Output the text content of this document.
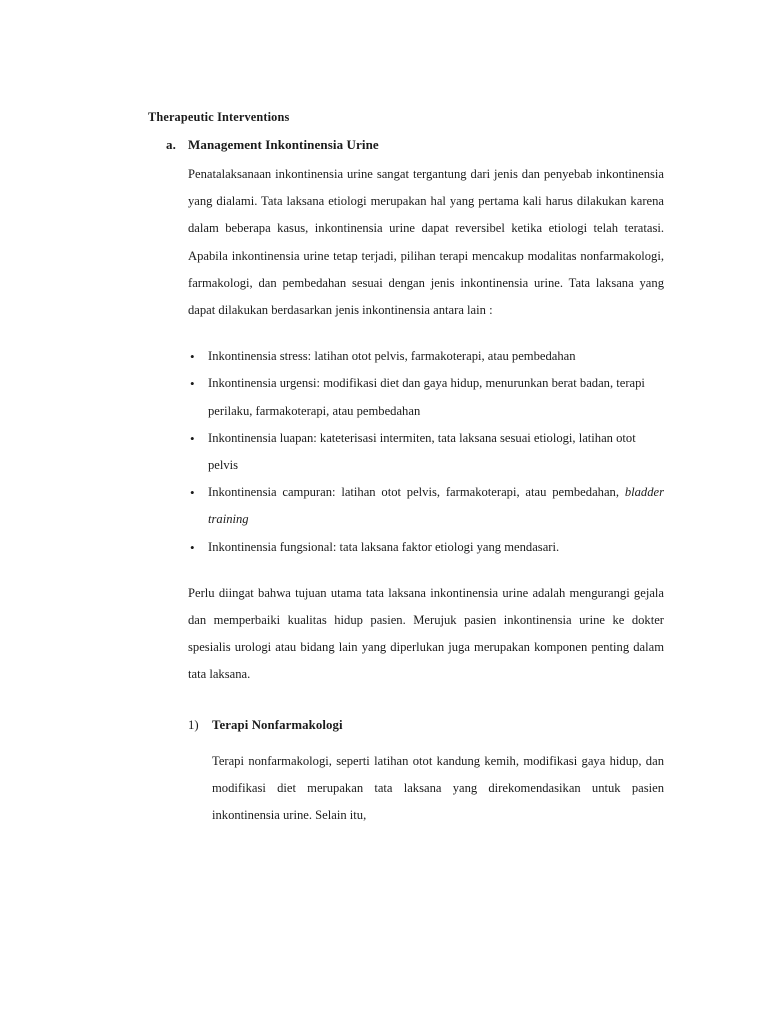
Therapeutic Interventions
a. Management Inkontinensia Urine

Penatalaksanaan inkontinensia urine sangat tergantung dari jenis dan penyebab inkontinensia yang dialami. Tata laksana etiologi merupakan hal yang pertama kali harus dilakukan karena dalam beberapa kasus, inkontinensia urine dapat reversibel ketika etiologi telah teratasi. Apabila inkontinensia urine tetap terjadi, pilihan terapi mencakup modalitas nonfarmakologi, farmakologi, dan pembedahan sesuai dengan jenis inkontinensia urine. Tata laksana yang dapat dilakukan berdasarkan jenis inkontinensia antara lain :

• Inkontinensia stress: latihan otot pelvis, farmakoterapi, atau pembedahan
• Inkontinensia urgensi: modifikasi diet dan gaya hidup, menurunkan berat badan, terapi perilaku, farmakoterapi, atau pembedahan
• Inkontinensia luapan: kateterisasi intermiten, tata laksana sesuai etiologi, latihan otot pelvis
• Inkontinensia campuran: latihan otot pelvis, farmakoterapi, atau pembedahan, bladder training
• Inkontinensia fungsional: tata laksana faktor etiologi yang mendasari.

Perlu diingat bahwa tujuan utama tata laksana inkontinensia urine adalah mengurangi gejala dan memperbaiki kualitas hidup pasien. Merujuk pasien inkontinensia urine ke dokter spesialis urologi atau bidang lain yang diperlukan juga merupakan komponen penting dalam tata laksana.

1)	Terapi Nonfarmakologi

Terapi nonfarmakologi, seperti latihan otot kandung kemih, modifikasi gaya hidup, dan modifikasi diet merupakan tata laksana yang direkomendasikan untuk pasien inkontinensia urine. Selain itu,
